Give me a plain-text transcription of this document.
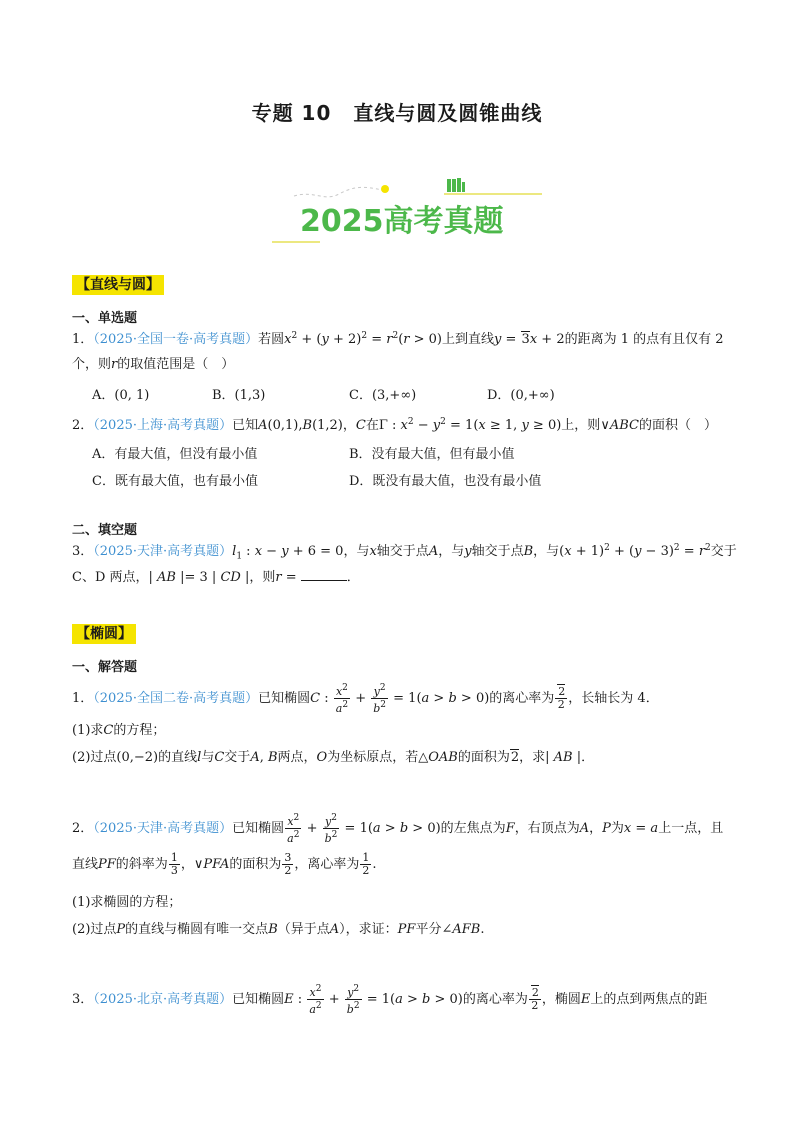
专题 10 直线与圆及圆锥曲线
2025高考真题
【直线与圆】
一、单选题
1．（2025·全国一卷·高考真题）若圆$x^2 + (y + 2)^2 = r^2(r > 0)$上到直线y = 3x + 2的距离为 1 的点有且仅有 2
个，则r的取值范围是（　）
A．(0, 1)	B．(1,3)	C．(3,+∞)	D．(0,+∞)
2．（2025·上海·高考真题）已知A(0,1),B(1,2)，C在Γ : $x^2 - y^2 = 1(x \ge 1$, y ≥ 0)上，则∨ABC的面积（　）
A．有最大值，但没有最小值	B．没有最大值，但有最小值
C．既有最大值，也有最小值	D．既没有最大值，也没有最小值
二、填空题
3．（2025·天津·高考真题）$l_1$ : x − y + 6 = 0，与x轴交于点A，与y轴交于点B，与$(x + 1)^2 + (y - 3)^2 = r^2$交于
C、D 两点，| AB |= 3 | CD |，则r =	．
【椭圆】
一、解答题
1．（2025·全国二卷·高考真题）已知椭圆C : $\frac{x^2}{a^2} + \frac{y^2}{b^2} = 1(a > b > 0)$的离心率为 $\frac{2}{2}$ ，长轴长为 4．
(1)求C的方程；
(2)过点(0,−2)的直线l与C交于A, B两点，O为坐标原点，若△OAB的面积为2，求| AB |．
2．（2025·天津·高考真题）已知椭圆 $\frac{x^2}{a^2} + \frac{y^2}{b^2} = 1(a > b > 0)$的左焦点为F，右顶点为A，P为x = a上一点，且
直线PF的斜率为 $\frac{1}{3}$ ，∨PFA的面积为 $\frac{3}{2}$ ，离心率为 $\frac{1}{2}$ .
(1)求椭圆的方程；
(2)过点P的直线与椭圆有唯一交点B（异于点A），求证：PF平分∠AFB.
3．（2025·北京·高考真题）已知椭圆E : $\frac{x^2}{a^2} + \frac{y^2}{b^2} = 1(a > b > 0)$的离心率为 $\frac{2}{2}$ ，椭圆E上的点到两焦点的距
